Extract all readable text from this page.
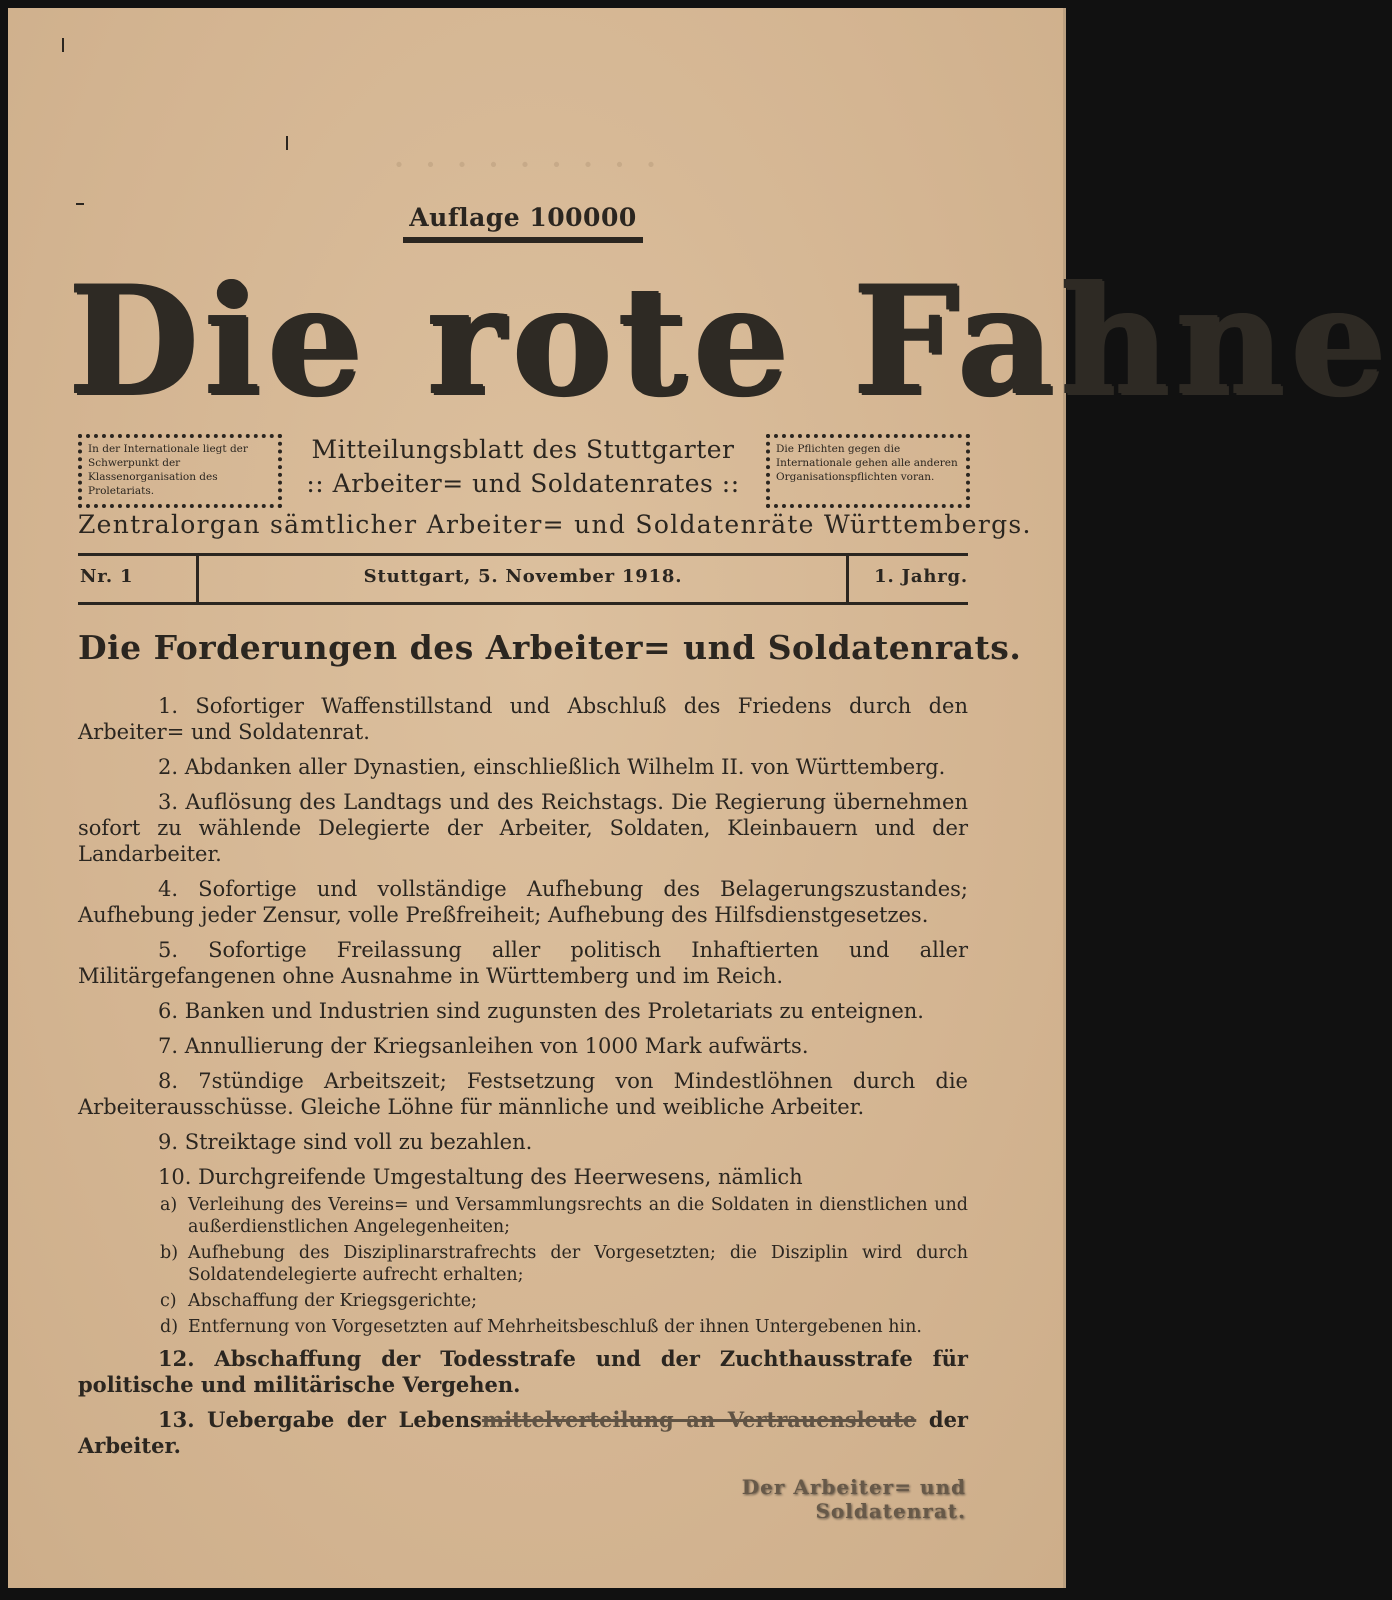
· · · · · · · · ·
Auflage 100000
Die rote Fahne
In der Internationale liegt der Schwerpunkt der Klassenorganisation des Proletariats.
Mitteilungsblatt des Stuttgarter
:: Arbeiter= und Soldatenrates ::
Die Pflichten gegen die Internationale gehen alle anderen Organisationspflichten voran.
Zentralorgan sämtlicher Arbeiter= und Soldatenräte Württembergs.
Nr. 1	Stuttgart, 5. November 1918.	1. Jahrg.
Die Forderungen des Arbeiter= und Soldatenrats.

1. Sofortiger Waffenstillstand und Abschluß des Friedens durch den Arbeiter= und Soldatenrat.

2. Abdanken aller Dynastien, einschließlich Wilhelm II. von Württemberg.

3. Auflösung des Landtags und des Reichstags. Die Regierung übernehmen sofort zu wählende Delegierte der Arbeiter, Soldaten, Kleinbauern und der Landarbeiter.

4. Sofortige und vollständige Aufhebung des Belagerungszustandes; Aufhebung jeder Zensur, volle Preßfreiheit; Aufhebung des Hilfsdienstgesetzes.

5. Sofortige Freilassung aller politisch Inhaftierten und aller Militärgefangenen ohne Ausnahme in Württemberg und im Reich.

6. Banken und Industrien sind zugunsten des Proletariats zu enteignen.

7. Annullierung der Kriegsanleihen von 1000 Mark aufwärts.

8. 7stündige Arbeitszeit; Festsetzung von Mindestlöhnen durch die Arbeiterausschüsse. Gleiche Löhne für männliche und weibliche Arbeiter.

9. Streiktage sind voll zu bezahlen.

10. Durchgreifende Umgestaltung des Heerwesens, nämlich

a) Verleihung des Vereins= und Versammlungsrechts an die Soldaten in dienstlichen und außerdienstlichen Angelegenheiten;

b) Aufhebung des Disziplinarstrafrechts der Vorgesetzten; die Disziplin wird durch Soldatendelegierte aufrecht erhalten;

c) Abschaffung der Kriegsgerichte;

d) Entfernung von Vorgesetzten auf Mehrheitsbeschluß der ihnen Untergebenen hin.

12. Abschaffung der Todesstrafe und der Zuchthausstrafe für politische und militärische Vergehen.

13. Uebergabe der Lebensmittelverteilung an Vertrauensleute der Arbeiter.

Der Arbeiter= und Soldatenrat.
